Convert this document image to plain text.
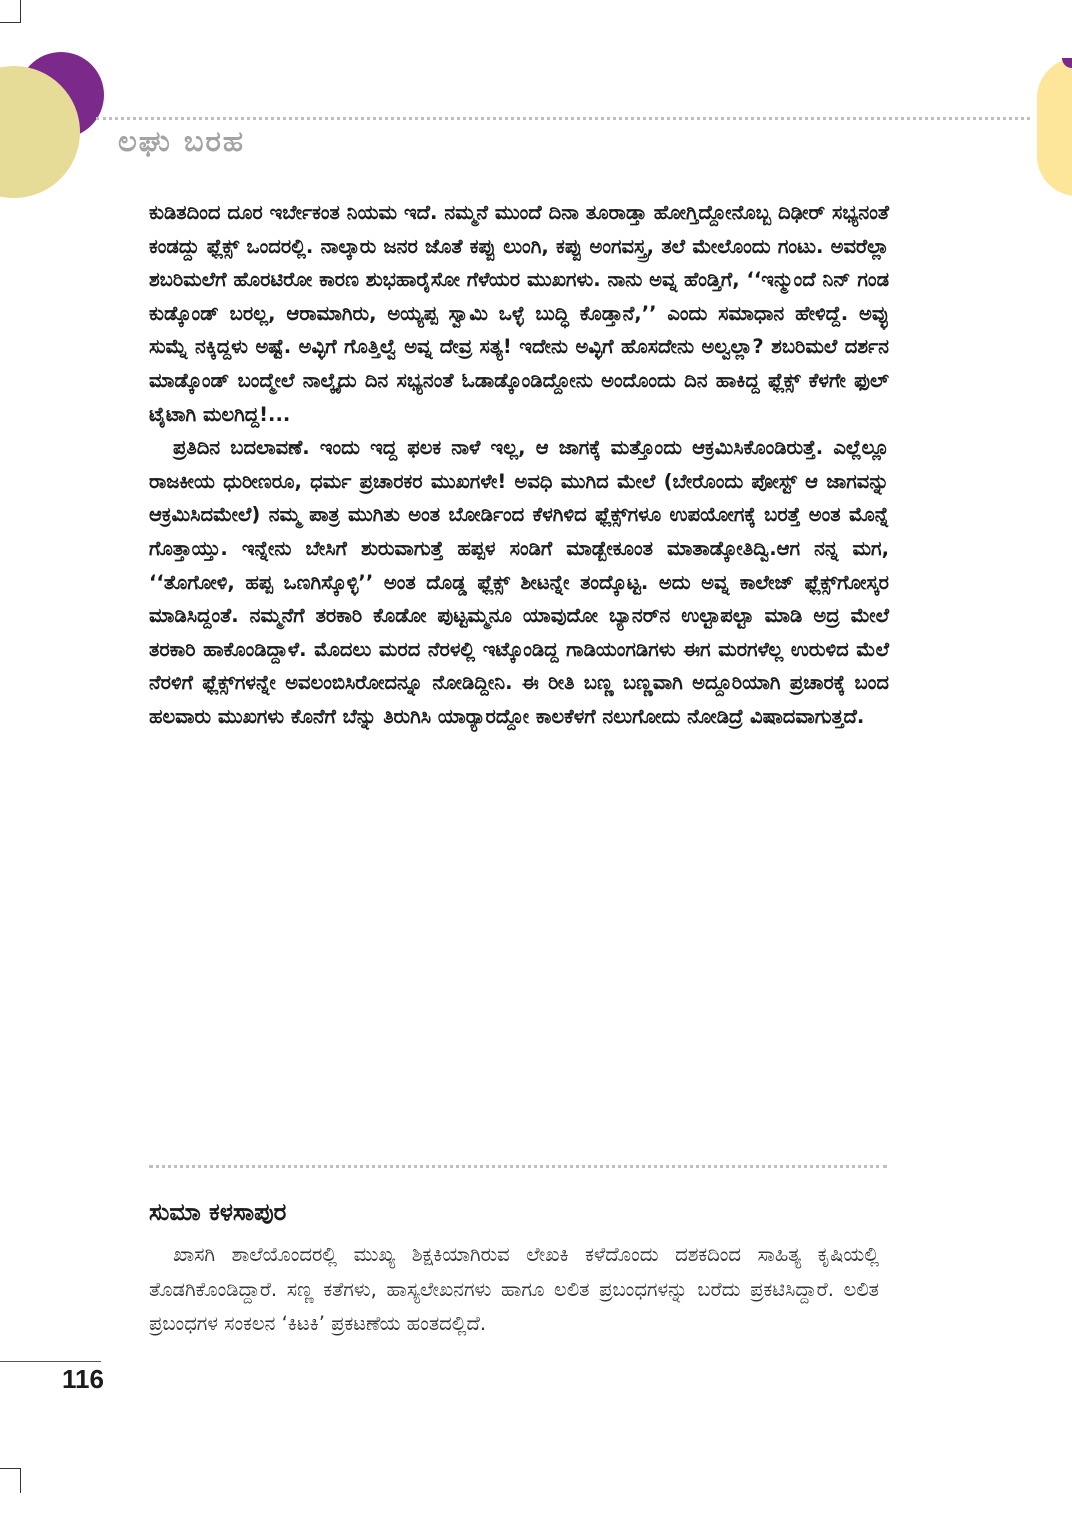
ಲಘು ಬರಹ

ಕುಡಿತದಿಂದ ದೂರ ಇರ್ಬೇಕಂತ ನಿಯಮ ಇದೆ. ನಮ್ಮನೆ ಮುಂದೆ ದಿನಾ ತೂರಾಡ್ತಾ ಹೋಗ್ತಿದ್ದೋನೊಬ್ಬ ದಿಢೀರ್ ಸಭ್ಯನಂತೆ ಕಂಡದ್ದು ಫ್ಲೆಕ್ಸ್ ಒಂದರಲ್ಲಿ. ನಾಲ್ಕಾರು ಜನರ ಜೊತೆ ಕಪ್ಪು ಲುಂಗಿ, ಕಪ್ಪು ಅಂಗವಸ್ತ್ರ, ತಲೆ ಮೇಲೊಂದು ಗಂಟು. ಅವರೆಲ್ಲಾ ಶಬರಿಮಲೆಗೆ ಹೊರಟಿರೋ ಕಾರಣ ಶುಭಹಾರೈಸೋ ಗೆಳೆಯರ ಮುಖಗಳು. ನಾನು ಅವ್ನ ಹೆಂಡ್ತಿಗೆ, ‘‘ಇನ್ಮುಂದೆ ನಿನ್ ಗಂಡ ಕುಡ್ಕೊಂಡ್ ಬರಲ್ಲ, ಆರಾಮಾಗಿರು, ಅಯ್ಯಪ್ಪ ಸ್ವಾಮಿ ಒಳ್ಳೆ ಬುದ್ಧಿ ಕೊಡ್ತಾನೆ,’’ ಎಂದು ಸಮಾಧಾನ ಹೇಳಿದ್ದೆ. ಅವ್ಳು ಸುಮ್ನೆ ನಕ್ಕಿದ್ದಳು ಅಷ್ಟೆ. ಅವ್ಳಿಗೆ ಗೊತ್ತಿಲ್ವೆ ಅವ್ನ ದೇವ್ರ ಸತ್ಯ! ಇದೇನು ಅವ್ಳಿಗೆ ಹೊಸದೇನು ಅಲ್ವಲ್ಲಾ? ಶಬರಿಮಲೆ ದರ್ಶನ ಮಾಡ್ಕೊಂಡ್ ಬಂದ್ಮೇಲೆ ನಾಲ್ಕೈದು ದಿನ ಸಭ್ಯನಂತೆ ಓಡಾಡ್ಕೊಂಡಿದ್ದೋನು ಅಂದೊಂದು ದಿನ ಹಾಕಿದ್ದ ಫ್ಲೆಕ್ಸ್ ಕೆಳಗೇ ಫುಲ್ ಟೈಟಾಗಿ ಮಲಗಿದ್ದ!...

ಪ್ರತಿದಿನ ಬದಲಾವಣೆ. ಇಂದು ಇದ್ದ ಫಲಕ ನಾಳೆ ಇಲ್ಲ, ಆ ಜಾಗಕ್ಕೆ ಮತ್ತೊಂದು ಆಕ್ರಮಿಸಿಕೊಂಡಿರುತ್ತೆ. ಎಲ್ಲೆಲ್ಲೂ ರಾಜಕೀಯ ಧುರೀಣರೂ, ಧರ್ಮ ಪ್ರಚಾರಕರ ಮುಖಗಳೇ! ಅವಧಿ ಮುಗಿದ ಮೇಲೆ (ಬೇರೊಂದು ಪೋಸ್ಟ್ ಆ ಜಾಗವನ್ನು ಆಕ್ರಮಿಸಿದಮೇಲೆ) ನಮ್ಮ ಪಾತ್ರ ಮುಗಿತು ಅಂತ ಬೋರ್ಡಿಂದ ಕೆಳಗಿಳಿದ ಫ್ಲೆಕ್ಸ್‌ಗಳೂ ಉಪಯೋಗಕ್ಕೆ ಬರತ್ತೆ ಅಂತ ಮೊನ್ನೆ ಗೊತ್ತಾಯ್ತು. ಇನ್ನೇನು ಬೇಸಿಗೆ ಶುರುವಾಗುತ್ತೆ ಹಪ್ಪಳ ಸಂಡಿಗೆ ಮಾಡ್ಬೇಕೂಂತ ಮಾತಾಡ್ಕೋತಿದ್ವಿ.ಆಗ ನನ್ನ ಮಗ, ‘‘ತೊಗೋಳಿ, ಹಪ್ಪ ಒಣಗಿಸ್ಕೊಳ್ಳಿ’’ ಅಂತ ದೊಡ್ಡ ಫ್ಲೆಕ್ಸ್ ಶೀಟನ್ನೇ ತಂದ್ಕೊಟ್ಟ. ಅದು ಅವ್ನ ಕಾಲೇಜ್ ಫ್ಲೆಕ್ಸ್‌ಗೋಸ್ಕರ ಮಾಡಿಸಿದ್ದಂತೆ. ನಮ್ಮನೆಗೆ ತರಕಾರಿ ಕೊಡೋ ಪುಟ್ಟಮ್ಮನೂ ಯಾವುದೋ ಬ್ಯಾನರ್‌ನ ಉಲ್ಟಾಪಲ್ಟಾ ಮಾಡಿ ಅದ್ರ ಮೇಲೆ ತರಕಾರಿ ಹಾಕೊಂಡಿದ್ದಾಳೆ. ಮೊದಲು ಮರದ ನೆರಳಲ್ಲಿ ಇಟ್ಕೊಂಡಿದ್ದ ಗಾಡಿಯಂಗಡಿಗಳು ಈಗ ಮರಗಳೆಲ್ಲ ಉರುಳಿದ ಮೆಲೆ ನೆರಳಿಗೆ ಫ್ಲೆಕ್ಸ್‌ಗಳನ್ನೇ ಅವಲಂಬಿಸಿರೋದನ್ನೂ ನೋಡಿದ್ದೀನಿ. ಈ ರೀತಿ ಬಣ್ಣ ಬಣ್ಣವಾಗಿ ಅದ್ದೂರಿಯಾಗಿ ಪ್ರಚಾರಕ್ಕೆ ಬಂದ ಹಲವಾರು ಮುಖಗಳು ಕೊನೆಗೆ ಬೆನ್ನು ತಿರುಗಿಸಿ ಯಾರ್‍ಯಾರದ್ದೋ ಕಾಲಕೆಳಗೆ ನಲುಗೋದು ನೋಡಿದ್ರೆ ವಿಷಾದವಾಗುತ್ತದೆ.

ಸುಮಾ ಕಳಸಾಪುರ

ಖಾಸಗಿ ಶಾಲೆಯೊಂದರಲ್ಲಿ ಮುಖ್ಯ ಶಿಕ್ಷಕಿಯಾಗಿರುವ ಲೇಖಕಿ ಕಳೆದೊಂದು ದಶಕದಿಂದ ಸಾಹಿತ್ಯ ಕೃಷಿಯಲ್ಲಿ ತೊಡಗಿಕೊಂಡಿದ್ದಾರೆ. ಸಣ್ಣ ಕತೆಗಳು, ಹಾಸ್ಯಲೇಖನಗಳು ಹಾಗೂ ಲಲಿತ ಪ್ರಬಂಧಗಳನ್ನು ಬರೆದು ಪ್ರಕಟಿಸಿದ್ದಾರೆ. ಲಲಿತ ಪ್ರಬಂಧಗಳ ಸಂಕಲನ ‘ಕಿಟಕಿ’ ಪ್ರಕಟಣೆಯ ಹಂತದಲ್ಲಿದೆ.

116
